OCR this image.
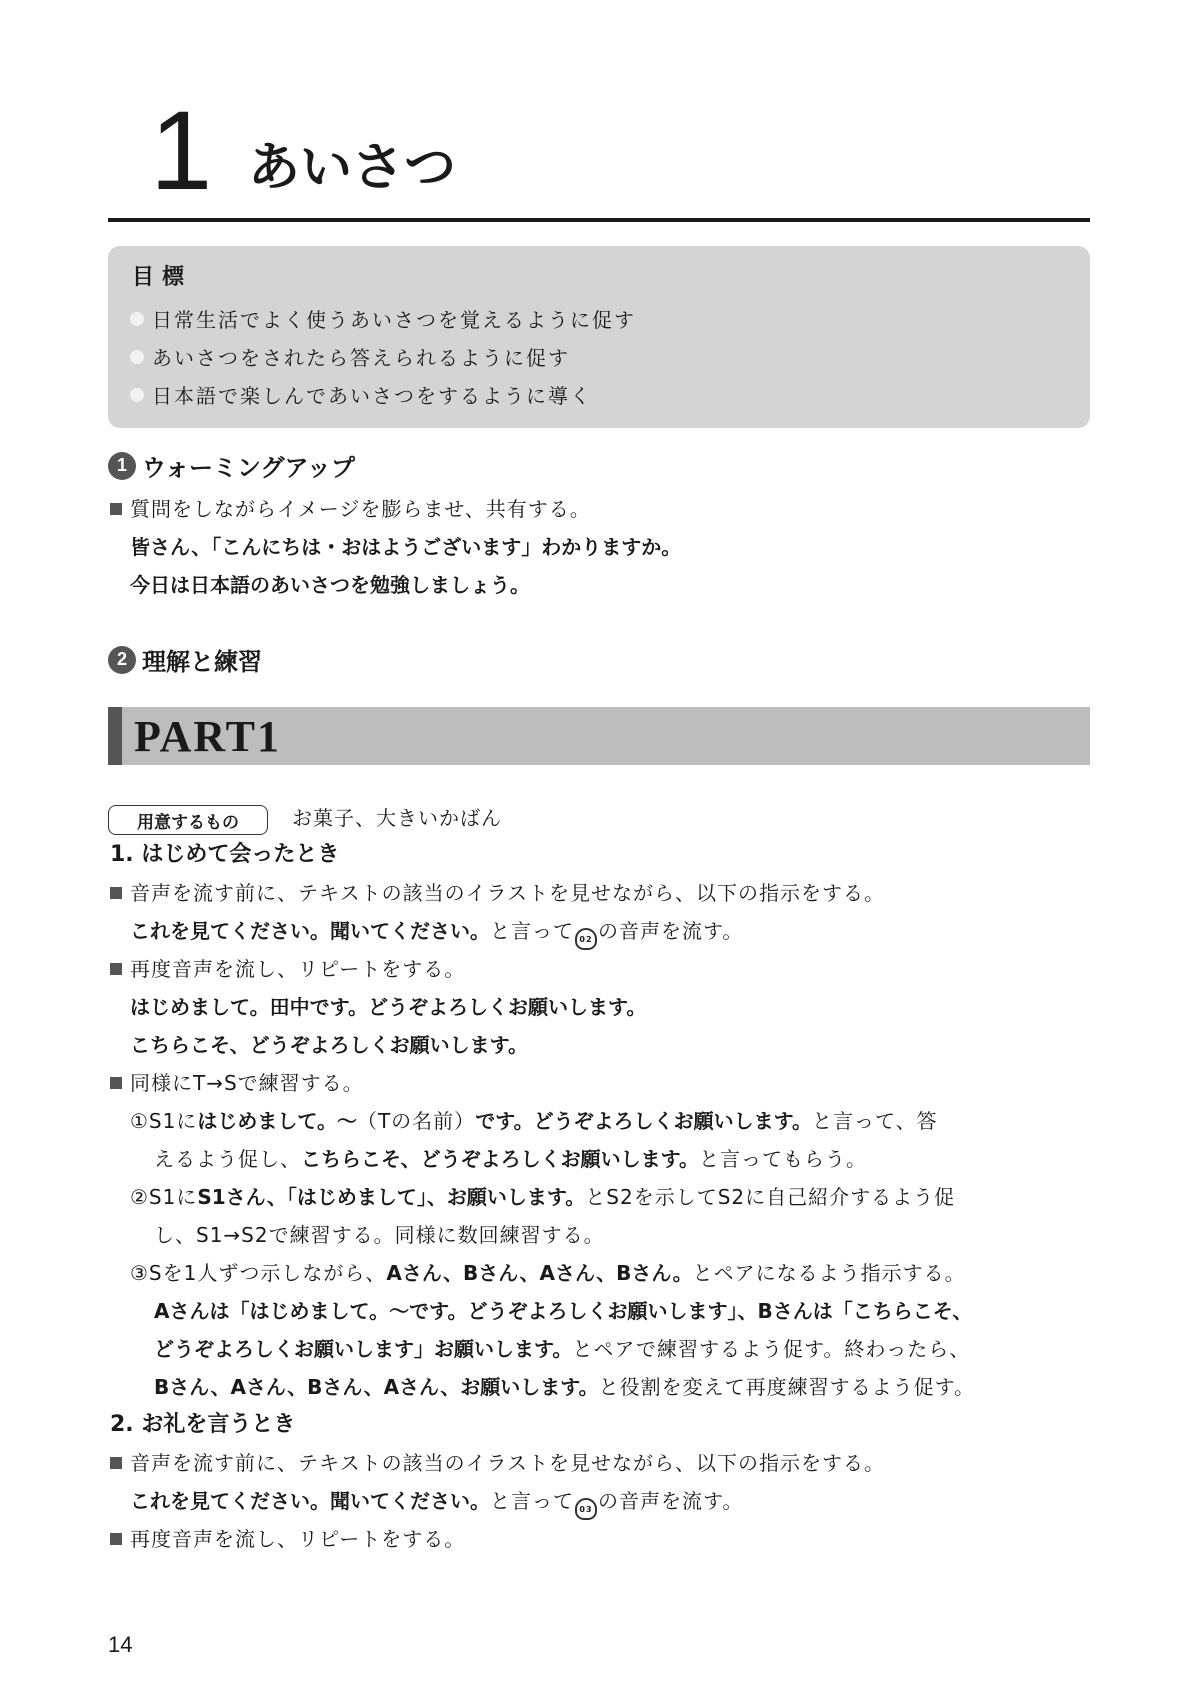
1 あいさつ
目標
日常生活でよく使うあいさつを覚えるように促す
あいさつをされたら答えられるように促す
日本語で楽しんであいさつをするように導く
1 ウォーミングアップ
質問をしながらイメージを膨らませ、共有する。
皆さん、「こんにちは・おはようございます」わかりますか。
今日は日本語のあいさつを勉強しましょう。
2 理解と練習
PART1
用意するもの	お菓子、大きいかばん
1. はじめて会ったとき
音声を流す前に、テキストの該当のイラストを見せながら、以下の指示をする。
これを見てください。聞いてください。と言って 02 の音声を流す。
再度音声を流し、リピートをする。
はじめまして。田中です。どうぞよろしくお願いします。
こちらこそ、どうぞよろしくお願いします。
同様にT→Sで練習する。
①S1にはじめまして。〜（Tの名前）です。どうぞよろしくお願いします。と言って、答
えるよう促し、こちらこそ、どうぞよろしくお願いします。と言ってもらう。
②S1にS1さん、「はじめまして」、お願いします。とS2を示してS2に自己紹介するよう促
し、S1→S2で練習する。同様に数回練習する。
③Sを1人ずつ示しながら、Aさん、Bさん、Aさん、Bさん。とペアになるよう指示する。
Aさんは「はじめまして。〜です。どうぞよろしくお願いします」、Bさんは「こちらこそ、
どうぞよろしくお願いします」お願いします。とペアで練習するよう促す。終わったら、
Bさん、Aさん、Bさん、Aさん、お願いします。と役割を変えて再度練習するよう促す。
2. お礼を言うとき
音声を流す前に、テキストの該当のイラストを見せながら、以下の指示をする。
これを見てください。聞いてください。と言って 03 の音声を流す。
再度音声を流し、リピートをする。
14
